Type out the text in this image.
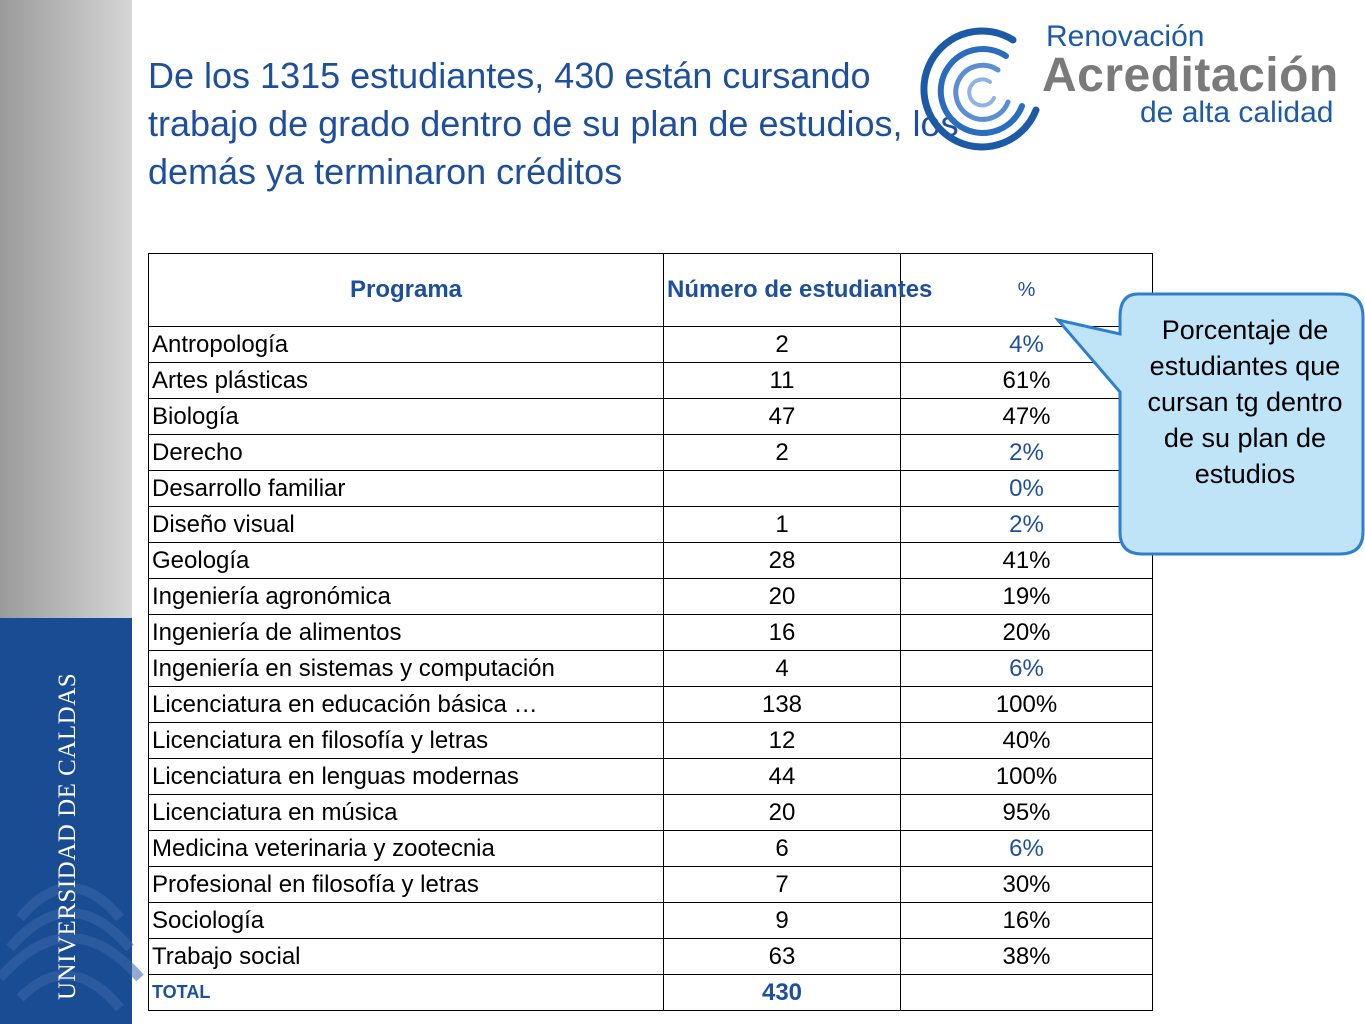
UNIVERSIDAD DE CALDAS
De los 1315 estudiantes, 430 están cursando trabajo de grado dentro de su plan de estudios, los demás ya terminaron créditos
Renovación
Acreditación
de alta calidad
Programa	Número de estudiantes	%
Antropología	2	4%
Artes plásticas	11	61%
Biología	47	47%
Derecho	2	2%
Desarrollo familiar		0%
Diseño visual	1	2%
Geología	28	41%
Ingeniería agronómica	20	19%
Ingeniería de alimentos	16	20%
Ingeniería en sistemas y computación	4	6%
Licenciatura en educación básica …	138	100%
Licenciatura en filosofía y letras	12	40%
Licenciatura en lenguas modernas	44	100%
Licenciatura en música	20	95%
Medicina veterinaria y zootecnia	6	6%
Profesional en filosofía y letras	7	30%
Sociología	9	16%
Trabajo social	63	38%
TOTAL	430	
Porcentaje de estudiantes que cursan tg dentro de su plan de estudios
